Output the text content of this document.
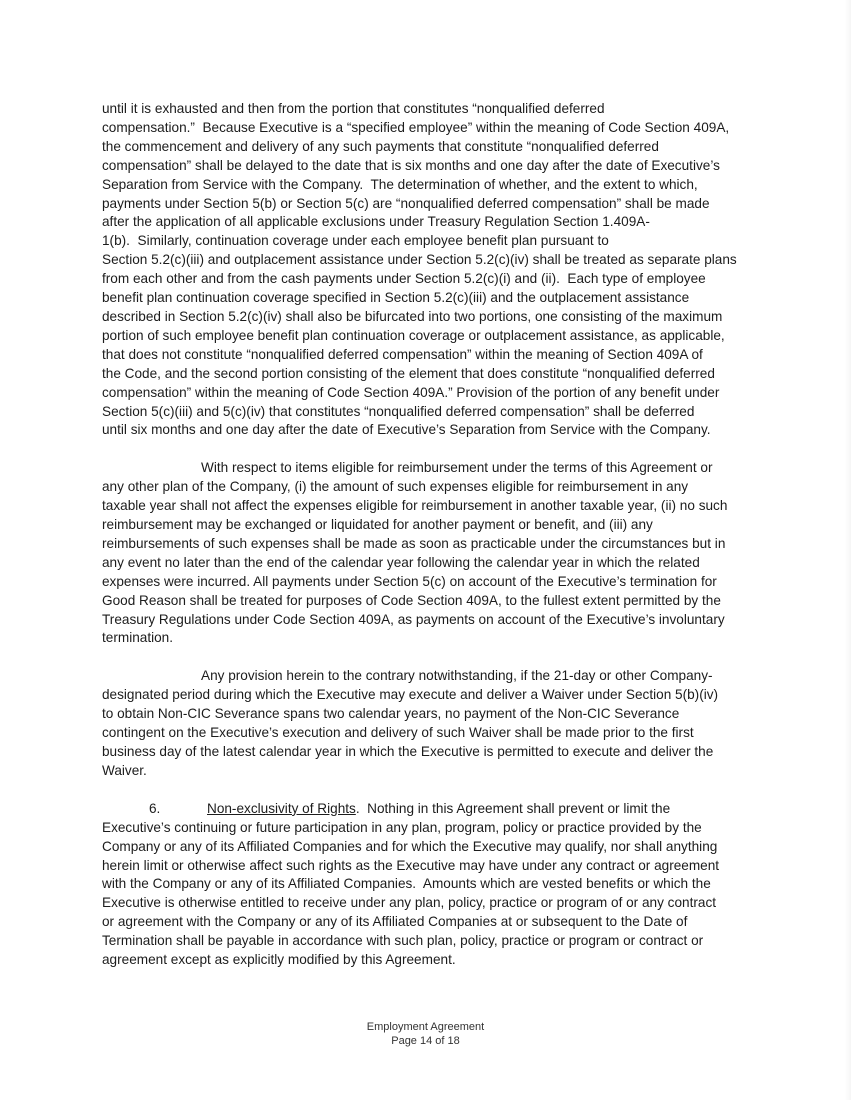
until it is exhausted and then from the portion that constitutes “nonqualified deferred
compensation.”  Because Executive is a “specified employee” within the meaning of Code Section 409A,
the commencement and delivery of any such payments that constitute “nonqualified deferred
compensation” shall be delayed to the date that is six months and one day after the date of Executive’s
Separation from Service with the Company.  The determination of whether, and the extent to which,
payments under Section 5(b) or Section 5(c) are “nonqualified deferred compensation” shall be made
after the application of all applicable exclusions under Treasury Regulation Section 1.409A-
1(b).  Similarly, continuation coverage under each employee benefit plan pursuant to
Section 5.2(c)(iii) and outplacement assistance under Section 5.2(c)(iv) shall be treated as separate plans
from each other and from the cash payments under Section 5.2(c)(i) and (ii).  Each type of employee
benefit plan continuation coverage specified in Section 5.2(c)(iii) and the outplacement assistance
described in Section 5.2(c)(iv) shall also be bifurcated into two portions, one consisting of the maximum
portion of such employee benefit plan continuation coverage or outplacement assistance, as applicable,
that does not constitute “nonqualified deferred compensation” within the meaning of Section 409A of
the Code, and the second portion consisting of the element that does constitute “nonqualified deferred
compensation” within the meaning of Code Section 409A.” Provision of the portion of any benefit under
Section 5(c)(iii) and 5(c)(iv) that constitutes “nonqualified deferred compensation” shall be deferred
until six months and one day after the date of Executive’s Separation from Service with the Company.

With respect to items eligible for reimbursement under the terms of this Agreement or
any other plan of the Company, (i) the amount of such expenses eligible for reimbursement in any
taxable year shall not affect the expenses eligible for reimbursement in another taxable year, (ii) no such
reimbursement may be exchanged or liquidated for another payment or benefit, and (iii) any
reimbursements of such expenses shall be made as soon as practicable under the circumstances but in
any event no later than the end of the calendar year following the calendar year in which the related
expenses were incurred. All payments under Section 5(c) on account of the Executive’s termination for
Good Reason shall be treated for purposes of Code Section 409A, to the fullest extent permitted by the
Treasury Regulations under Code Section 409A, as payments on account of the Executive’s involuntary
termination.

Any provision herein to the contrary notwithstanding, if the 21-day or other Company-
designated period during which the Executive may execute and deliver a Waiver under Section 5(b)(iv)
to obtain Non-CIC Severance spans two calendar years, no payment of the Non-CIC Severance
contingent on the Executive’s execution and delivery of such Waiver shall be made prior to the first
business day of the latest calendar year in which the Executive is permitted to execute and deliver the
Waiver.

6.	Non-exclusivity of Rights.  Nothing in this Agreement shall prevent or limit the
Executive’s continuing or future participation in any plan, program, policy or practice provided by the
Company or any of its Affiliated Companies and for which the Executive may qualify, nor shall anything
herein limit or otherwise affect such rights as the Executive may have under any contract or agreement
with the Company or any of its Affiliated Companies.  Amounts which are vested benefits or which the
Executive is otherwise entitled to receive under any plan, policy, practice or program of or any contract
or agreement with the Company or any of its Affiliated Companies at or subsequent to the Date of
Termination shall be payable in accordance with such plan, policy, practice or program or contract or
agreement except as explicitly modified by this Agreement.

Employment Agreement
Page 14 of 18
